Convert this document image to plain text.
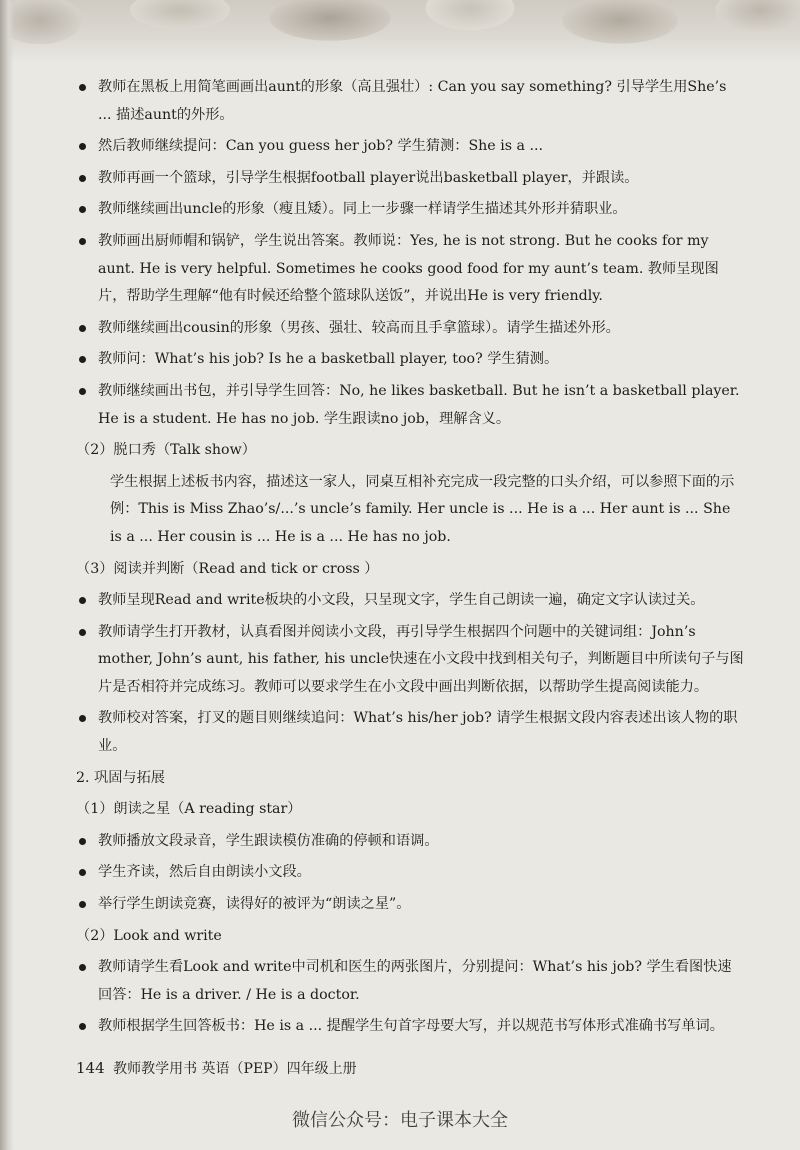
教师在黑板上用简笔画画出aunt的形象（高且强壮）: Can you say something? 引导学生用She’s ... 描述aunt的外形。

然后教师继续提问：Can you guess her job? 学生猜测：She is a ...

教师再画一个篮球，引导学生根据football player说出basketball player，并跟读。

教师继续画出uncle的形象（瘦且矮）。同上一步骤一样请学生描述其外形并猜职业。

教师画出厨师帽和锅铲，学生说出答案。教师说：Yes, he is not strong. But he cooks for my aunt. He is very helpful. Sometimes he cooks good food for my aunt’s team. 教师呈现图片，帮助学生理解“他有时候还给整个篮球队送饭”，并说出He is very friendly.

教师继续画出cousin的形象（男孩、强壮、较高而且手拿篮球）。请学生描述外形。

教师问：What’s his job? Is he a basketball player, too? 学生猜测。

教师继续画出书包，并引导学生回答：No, he likes basketball. But he isn’t a basketball player. He is a student. He has no job. 学生跟读no job，理解含义。

（2）脱口秀（Talk show）

学生根据上述板书内容，描述这一家人，同桌互相补充完成一段完整的口头介绍，可以参照下面的示例：This is Miss Zhao’s/...’s uncle’s family. Her uncle is ... He is a ... Her aunt is ... She is a ... Her cousin is ... He is a ... He has no job.

（3）阅读并判断（Read and tick or cross ）

教师呈现Read and write板块的小文段，只呈现文字，学生自己朗读一遍，确定文字认读过关。

教师请学生打开教材，认真看图并阅读小文段，再引导学生根据四个问题中的关键词组：John’s mother, John’s aunt, his father, his uncle快速在小文段中找到相关句子，判断题目中所读句子与图片是否相符并完成练习。教师可以要求学生在小文段中画出判断依据，以帮助学生提高阅读能力。

教师校对答案，打叉的题目则继续追问：What’s his/her job? 请学生根据文段内容表述出该人物的职业。

2. 巩固与拓展

（1）朗读之星（A reading star）

教师播放文段录音，学生跟读模仿准确的停顿和语调。

学生齐读，然后自由朗读小文段。

举行学生朗读竞赛，读得好的被评为“朗读之星”。

（2）Look and write

教师请学生看Look and write中司机和医生的两张图片，分别提问：What’s his job? 学生看图快速回答：He is a driver. / He is a doctor.

教师根据学生回答板书：He is a ... 提醒学生句首字母要大写，并以规范书写体形式准确书写单词。

144 教师教学用书 英语（PEP）四年级上册
微信公众号：电子课本大全
